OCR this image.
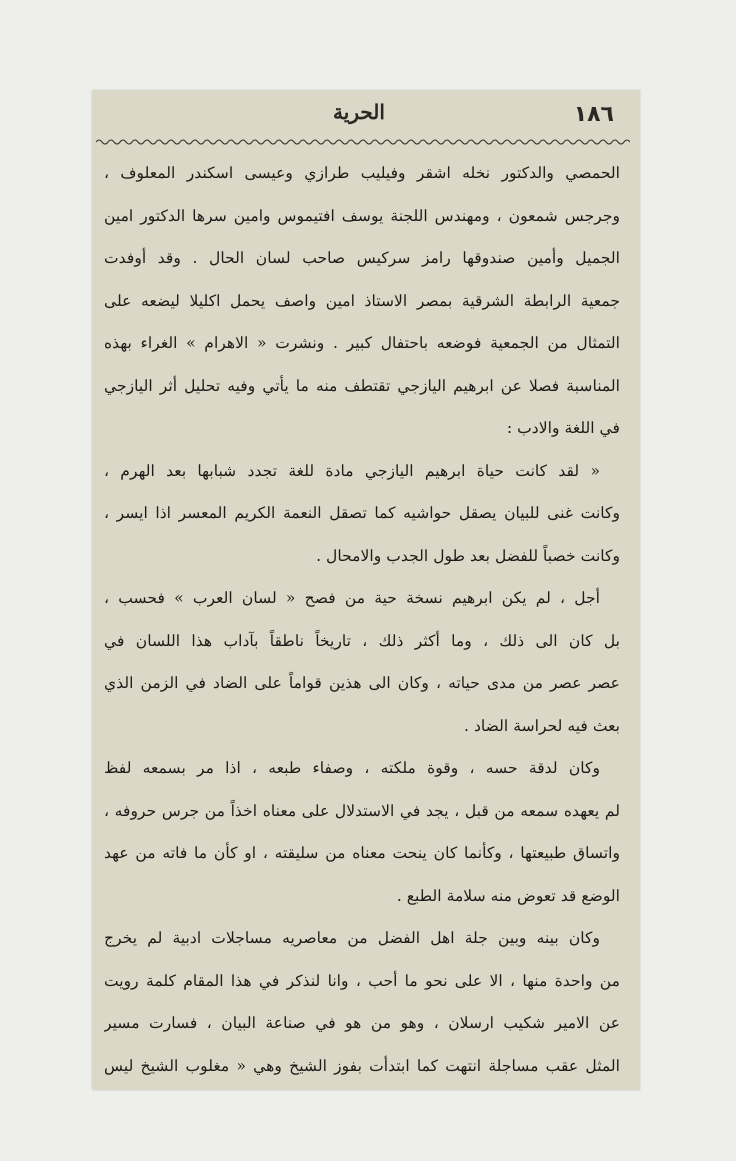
١٨٦
الحرية
الحمصي والدكتور نخله اشقر وفيليب طرازي وعيسى اسكندر المعلوف ،
وجرجس شمعون ، ومهندس اللجنة يوسف افتيموس وامين سرها الدكتور امين
الجميل وأمين صندوقها رامز سركيس صاحب لسان الحال . وقد أوفدت
جمعية الرابطة الشرقية بمصر الاستاذ امين واصف يحمل اكليلا ليضعه على
التمثال من الجمعية فوضعه باحتفال كبير . ونشرت « الاهرام » الغراء بهذه
المناسبة فصلا عن ابرهيم اليازجي تقتطف منه ما يأتي وفيه تحليل أثر اليازجي
في اللغة والادب :
« لقد كانت حياة ابرهيم اليازجي مادة للغة تجدد شبابها بعد الهرم ،
وكانت غنى للبيان يصقل حواشيه كما تصقل النعمة الكريم المعسر اذا ايسر ،
وكانت خصباً للفضل بعد طول الجدب والامحال .
أجل ، لم يكن ابرهيم نسخة حية من فصح « لسان العرب » فحسب ،
بل كان الى ذلك ، وما أكثر ذلك ، تاريخاً ناطقاً بآداب هذا اللسان في
عصر عصر من مدى حياته ، وكان الى هذين قواماً على الضاد في الزمن الذي
بعث فيه لحراسة الضاد .
وكان لدقة حسه ، وقوة ملكته ، وصفاء طبعه ، اذا مر بسمعه لفظ
لم يعهده سمعه من قبل ، يجد في الاستدلال على معناه اخذاً من جرس حروفه ،
واتساق طبيعتها ، وكأنما كان ينحت معناه من سليقته ، او كأن ما فاته من عهد
الوضع قد تعوض منه سلامة الطبع .
وكان بينه وبين جلة اهل الفضل من معاصريه مساجلات ادبية لم يخرج
من واحدة منها ، الا على نحو ما أحب ، وانا لنذكر في هذا المقام كلمة رويت
عن الامير شكيب ارسلان ، وهو من هو في صناعة البيان ، فسارت مسير
المثل عقب مساجلة انتهت كما ابتدأت بفوز الشيخ وهي « مغلوب الشيخ ليس
